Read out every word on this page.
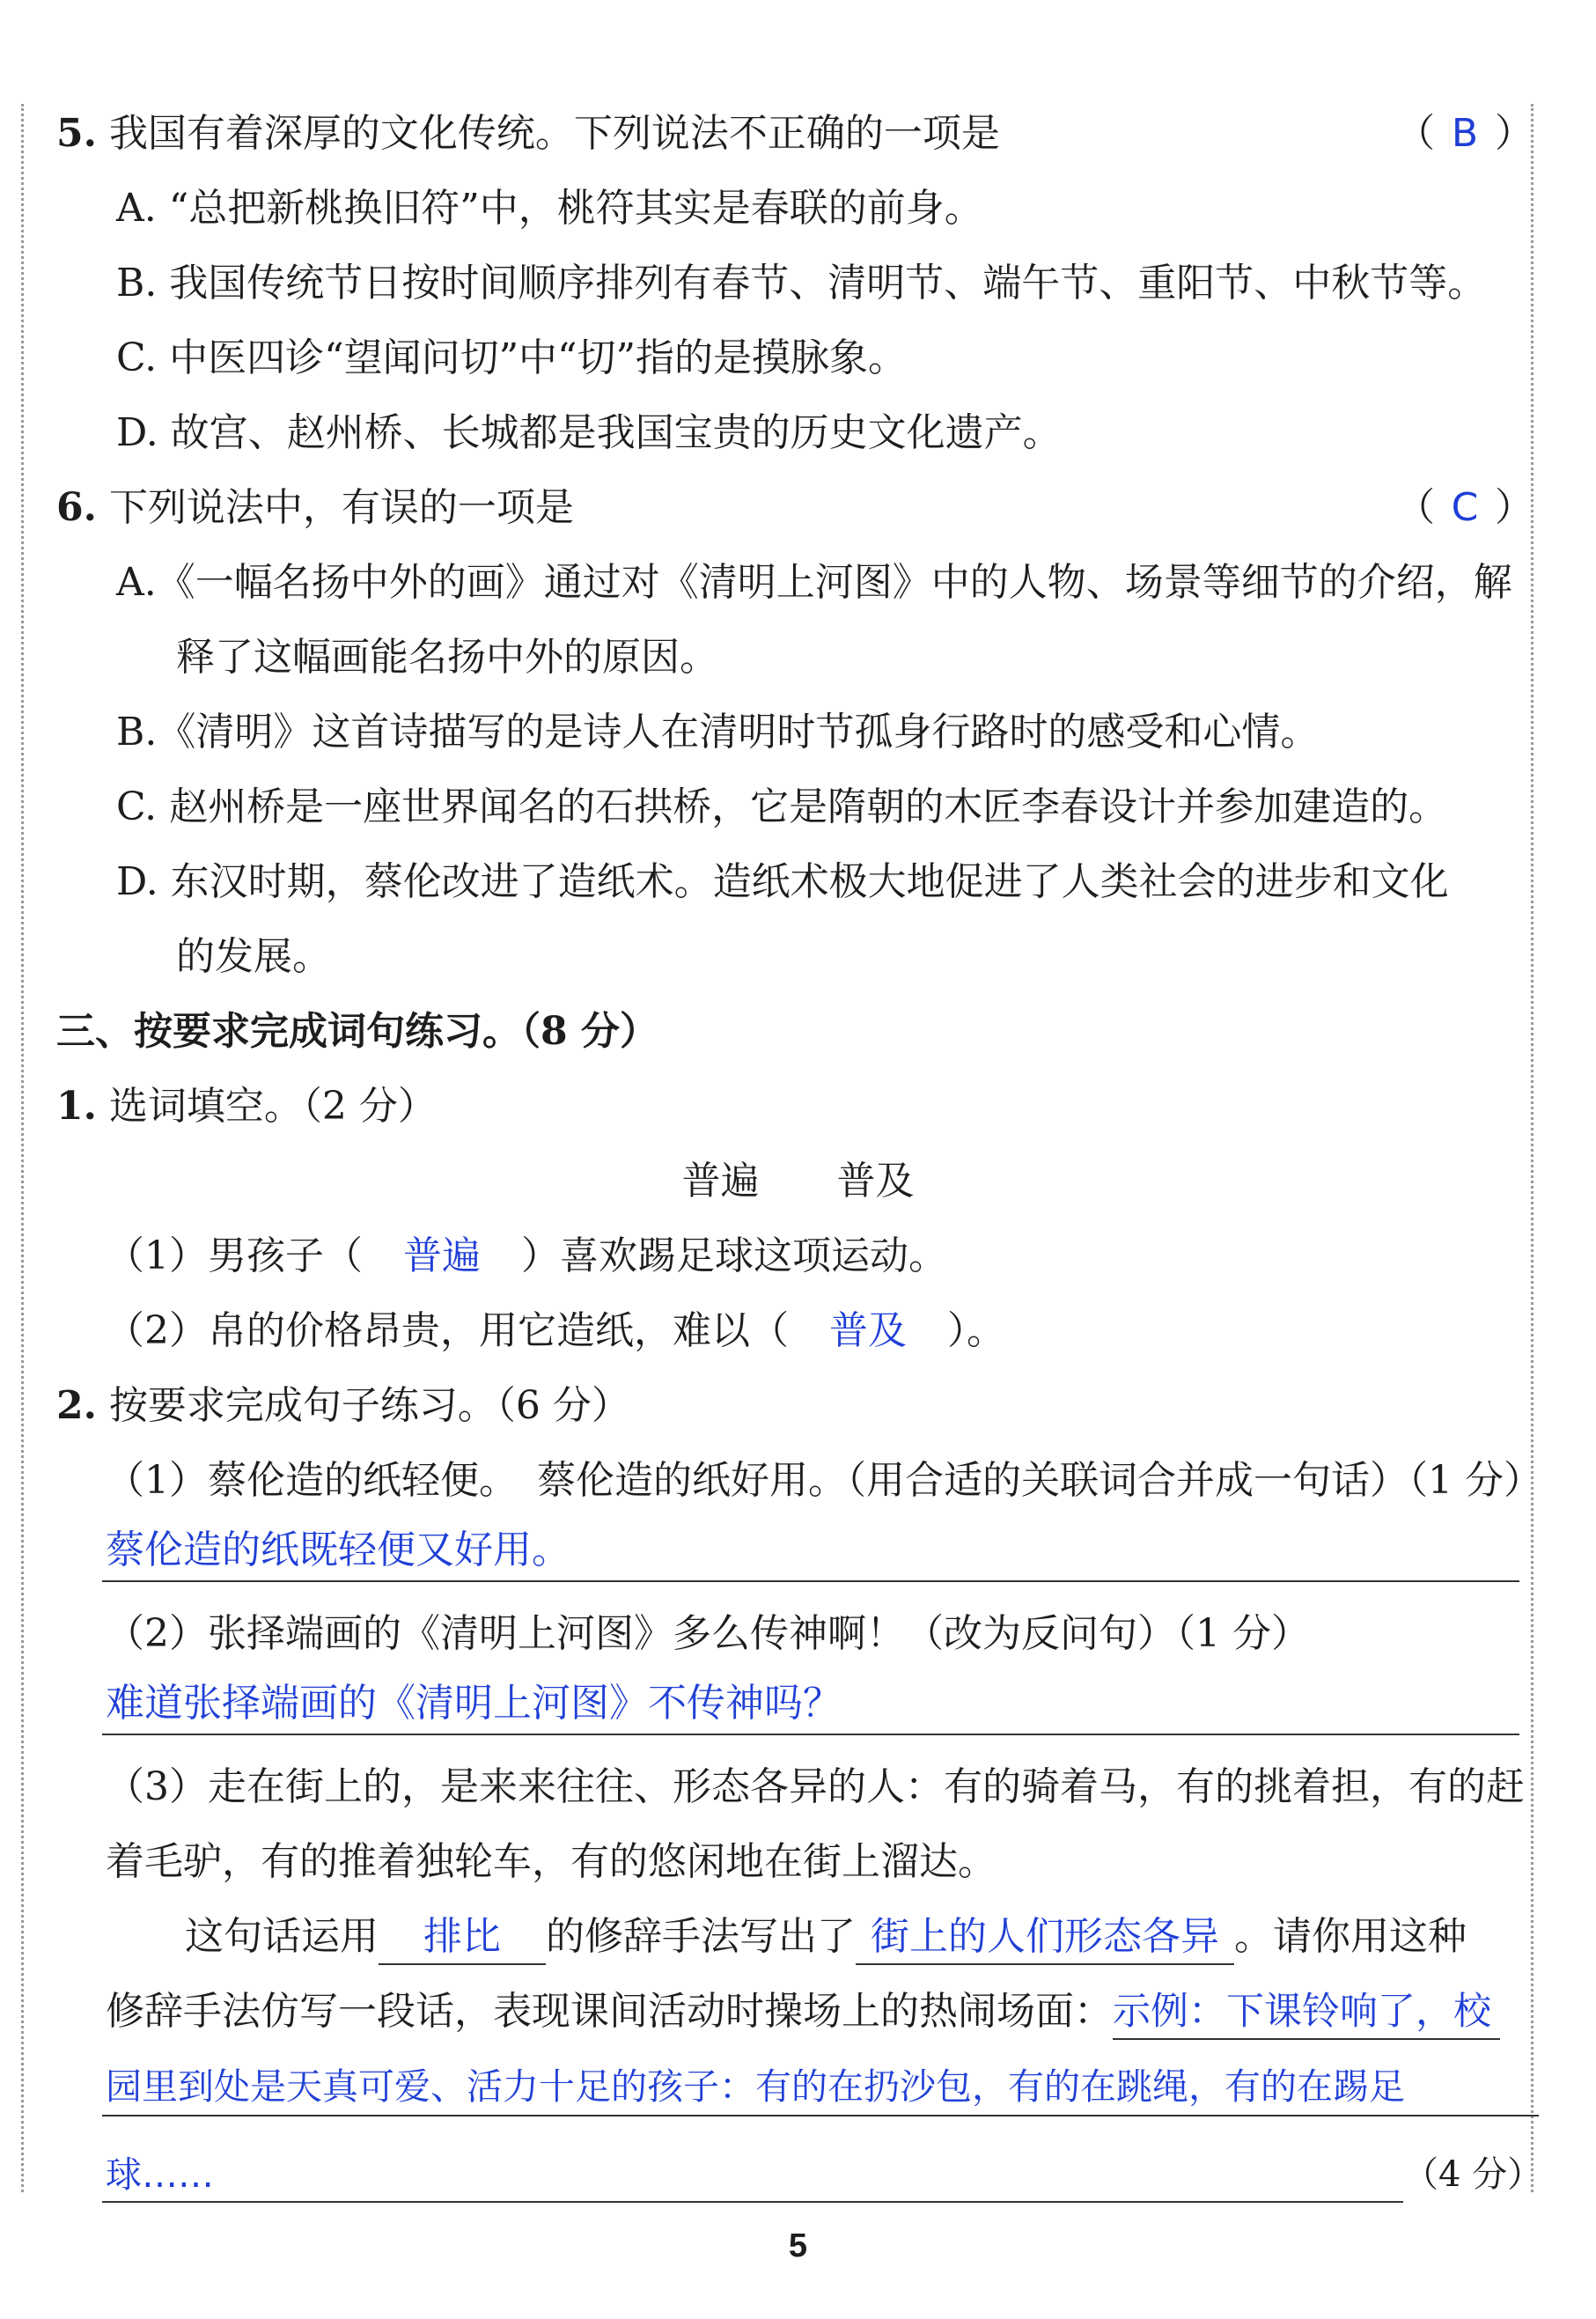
5. 我国有着深厚的文化传统。下列说法不正确的一项是	（ B ）
A. “总把新桃换旧符”中，桃符其实是春联的前身。
B. 我国传统节日按时间顺序排列有春节、清明节、端午节、重阳节、中秋节等。
C. 中医四诊“望闻问切”中“切”指的是摸脉象。
D. 故宫、赵州桥、长城都是我国宝贵的历史文化遗产。
6. 下列说法中，有误的一项是	（ C ）
A.《一幅名扬中外的画》通过对《清明上河图》中的人物、场景等细节的介绍，解
释了这幅画能名扬中外的原因。
B.《清明》这首诗描写的是诗人在清明时节孤身行路时的感受和心情。
C. 赵州桥是一座世界闻名的石拱桥，它是隋朝的木匠李春设计并参加建造的。
D. 东汉时期，蔡伦改进了造纸术。造纸术极大地促进了人类社会的进步和文化
的发展。
三、按要求完成词句练习。（8 分）
1. 选词填空。（2 分）
普遍　　普及
（1）男孩子（ 普遍 ）喜欢踢足球这项运动。
（2）帛的价格昂贵，用它造纸，难以（ 普及 ）。
2. 按要求完成句子练习。（6 分）
（1）蔡伦造的纸轻便。　蔡伦造的纸好用。（用合适的关联词合并成一句话）（1 分）
蔡伦造的纸既轻便又好用。
（2）张择端画的《清明上河图》多么传神啊！（改为反问句）（1 分）
难道张择端画的《清明上河图》不传神吗？
（3）走在街上的，是来来往往、形态各异的人：有的骑着马，有的挑着担，有的赶
着毛驴，有的推着独轮车，有的悠闲地在街上溜达。
这句话运用 排比 的修辞手法写出了 街上的人们形态各异 。请你用这种
修辞手法仿写一段话，表现课间活动时操场上的热闹场面：示例：下课铃响了，校
园里到处是天真可爱、活力十足的孩子：有的在扔沙包，有的在跳绳，有的在踢足
球……	（4 分）
5
